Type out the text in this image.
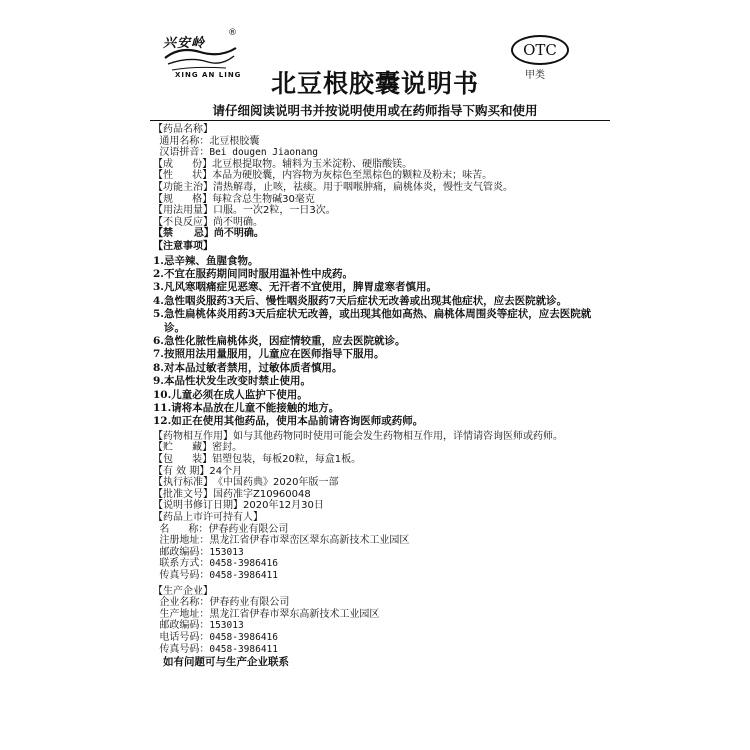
兴安岭
®
XING AN LING
OTC
甲类
北豆根胶囊说明书
请仔细阅读说明书并按说明使用或在药师指导下购买和使用
【药品名称】
通用名称： 北豆根胶囊
汉语拼音： Bei dougen Jiaonang
【成      份】 北豆根提取物。辅料为玉米淀粉、硬脂酸镁。
【性      状】 本品为硬胶囊，内容物为灰棕色至黑棕色的颗粒及粉末；味苦。
【功能主治】 清热解毒，止咳，祛痰。用于咽喉肿痛，扁桃体炎，慢性支气管炎。
【规      格】 每粒含总生物碱30毫克
【用法用量】 口服。一次2粒，一日3次。
【不良反应】 尚不明确。
【禁      忌】 尚不明确。
【注意事项】
1. 忌辛辣、鱼腥食物。
2. 不宜在服药期间同时服用温补性中成药。
3. 凡风寒咽痛症见恶寒、无汗者不宜使用，脾胃虚寒者慎用。
4. 急性咽炎服药3天后、慢性咽炎服药7天后症状无改善或出现其他症状，应去医院就诊。
5. 急性扁桃体炎用药3天后症状无改善，或出现其他如高热、扁桃体周围炎等症状，应去医院就诊。
6. 急性化脓性扁桃体炎，因症情较重，应去医院就诊。
7. 按照用法用量服用，儿童应在医师指导下服用。
8. 对本品过敏者禁用，过敏体质者慎用。
9. 本品性状发生改变时禁止使用。
10. 儿童必须在成人监护下使用。
11. 请将本品放在儿童不能接触的地方。
12. 如正在使用其他药品，使用本品前请咨询医师或药师。
【药物相互作用】 如与其他药物同时使用可能会发生药物相互作用，详情请咨询医师或药师。
【贮      藏】 密封。
【包      装】 铝塑包装，每板20粒，每盒1板。
【有 效 期】 24个月
【执行标准】 《中国药典》2020年版一部
【批准文号】 国药准字Z10960048
【说明书修订日期】 2020年12月30日
【药品上市许可持有人】
名      称： 伊春药业有限公司
注册地址： 黑龙江省伊春市翠峦区翠东高新技术工业园区
邮政编码： 153013
联系方式： 0458-3986416
传真号码： 0458-3986411
【生产企业】
企业名称： 伊春药业有限公司
生产地址： 黑龙江省伊春市翠东高新技术工业园区
邮政编码： 153013
电话号码： 0458-3986416
传真号码： 0458-3986411
如有问题可与生产企业联系
